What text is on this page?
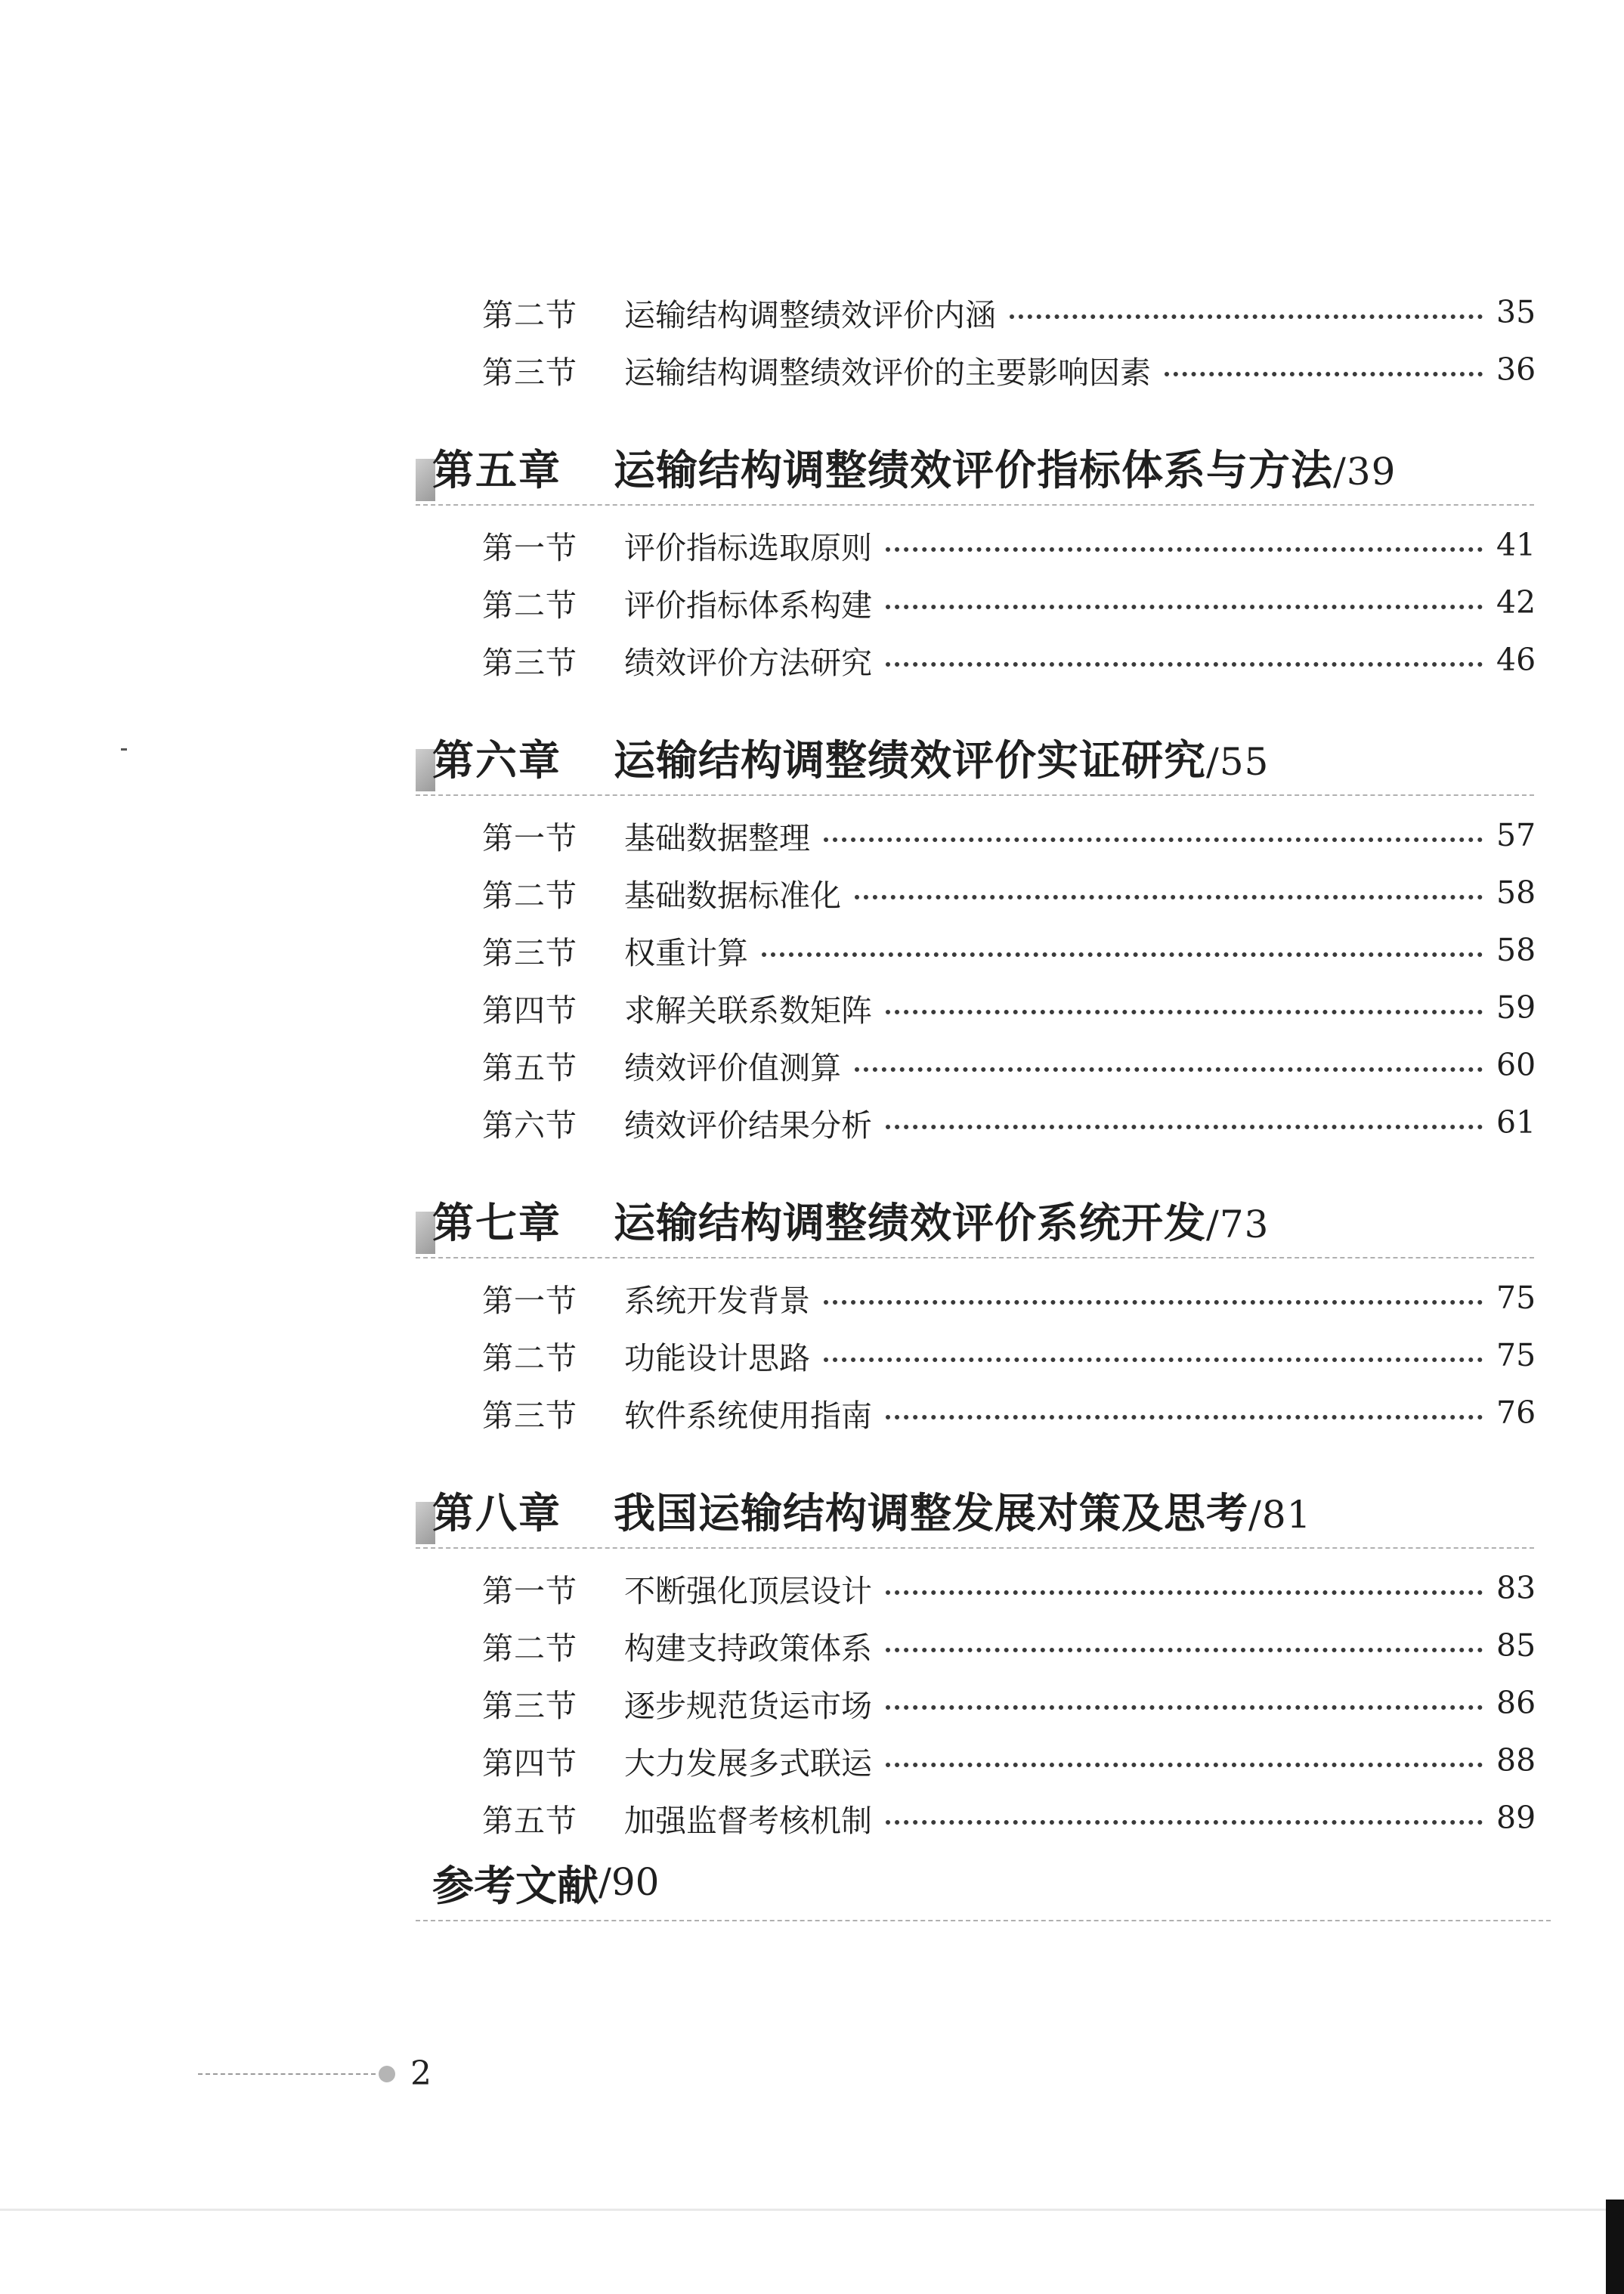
第二节	运输结构调整绩效评价内涵	35
第三节	运输结构调整绩效评价的主要影响因素	36
第五章	运输结构调整绩效评价指标体系与方法/39
第一节	评价指标选取原则	41
第二节	评价指标体系构建	42
第三节	绩效评价方法研究	46
第六章	运输结构调整绩效评价实证研究/55
第一节	基础数据整理	57
第二节	基础数据标准化	58
第三节	权重计算	58
第四节	求解关联系数矩阵	59
第五节	绩效评价值测算	60
第六节	绩效评价结果分析	61
第七章	运输结构调整绩效评价系统开发/73
第一节	系统开发背景	75
第二节	功能设计思路	75
第三节	软件系统使用指南	76
第八章	我国运输结构调整发展对策及思考/81
第一节	不断强化顶层设计	83
第二节	构建支持政策体系	85
第三节	逐步规范货运市场	86
第四节	大力发展多式联运	88
第五节	加强监督考核机制	89
参考文献 /90
2
